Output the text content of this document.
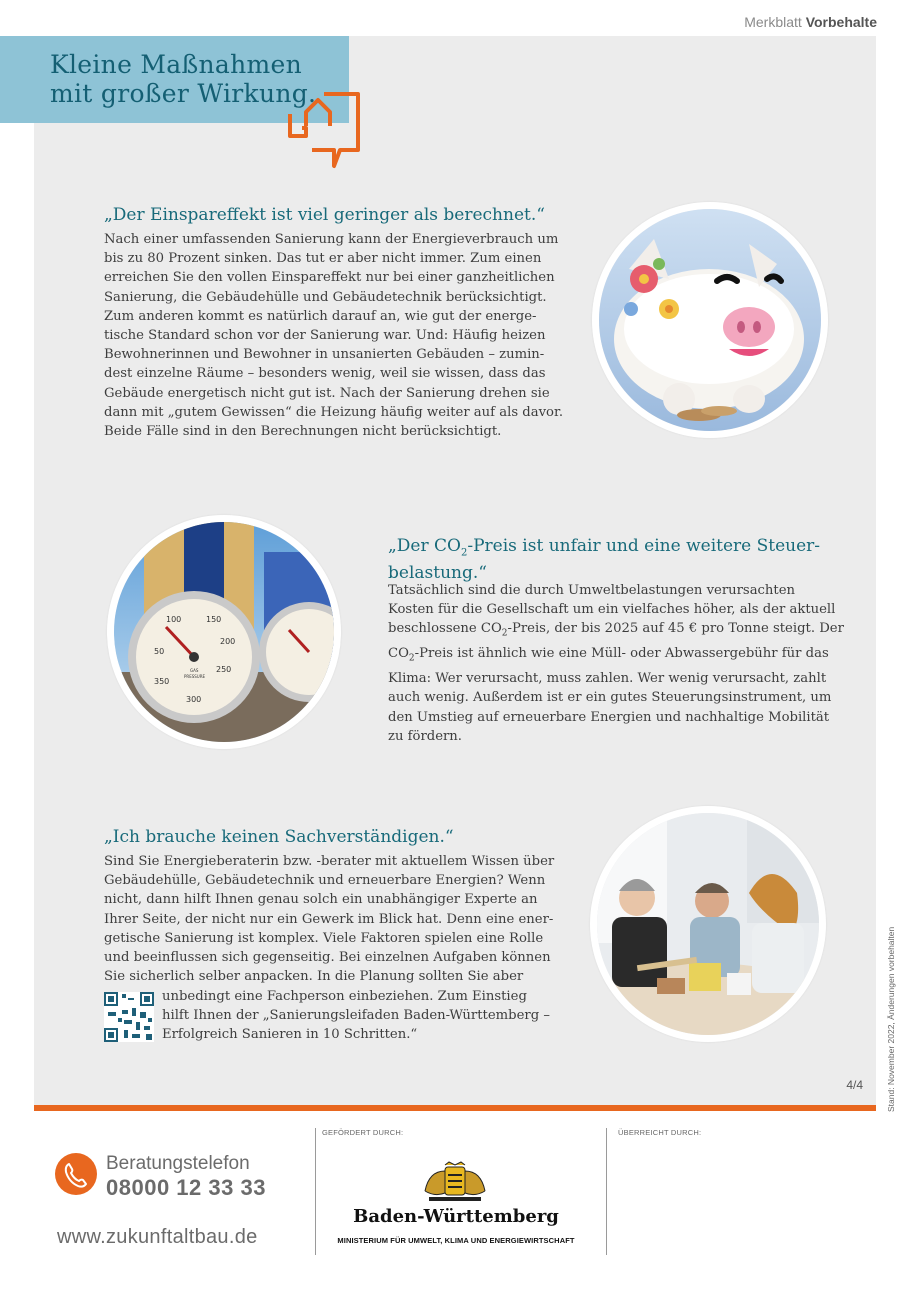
Merkblatt Vorbehalte
Kleine Maßnahmen
mit großer Wirkung.
„Der Einspareffekt ist viel geringer als berechnet.“
Nach einer umfassenden Sanierung kann der Energieverbrauch um
bis zu 80 Prozent sinken. Das tut er aber nicht immer. Zum einen
erreichen Sie den vollen Einspareffekt nur bei einer ganzheitlichen
Sanierung, die Gebäudehülle und Gebäudetechnik berücksichtigt.
Zum anderen kommt es natürlich darauf an, wie gut der energe-
tische Standard schon vor der Sanierung war. Und: Häufig heizen
Bewohnerinnen und Bewohner in unsanierten Gebäuden – zumin-
dest einzelne Räume – besonders wenig, weil sie wissen, dass das
Gebäude energetisch nicht gut ist. Nach der Sanierung drehen sie
dann mit „gutem Gewissen“ die Heizung häufig weiter auf als davor.
Beide Fälle sind in den Berechnungen nicht berücksichtigt.
50
100	150
200
250
300
350
GAS
PRESSURE
„Der $CO_2$-Preis ist unfair und eine weitere Steuer-
belastung.“
Tatsächlich sind die durch Umweltbelastungen verursachten
Kosten für die Gesellschaft um ein vielfaches höher, als der aktuell
beschlossene $CO_2$-Preis, der bis 2025 auf 45 € pro Tonne steigt. Der
$CO_2$-Preis ist ähnlich wie eine Müll- oder Abwassergebühr für das
Klima: Wer verursacht, muss zahlen. Wer wenig verursacht, zahlt
auch wenig. Außerdem ist er ein gutes Steuerungsinstrument, um
den Umstieg auf erneuerbare Energien und nachhaltige Mobilität
zu fördern.
„Ich brauche keinen Sachverständigen.“
Sind Sie Energieberaterin bzw. -berater mit aktuellem Wissen über
Gebäudehülle, Gebäudetechnik und erneuerbare Energien? Wenn
nicht, dann hilft Ihnen genau solch ein unabhängiger Experte an
Ihrer Seite, der nicht nur ein Gewerk im Blick hat. Denn eine ener-
getische Sanierung ist komplex. Viele Faktoren spielen eine Rolle
und beeinflussen sich gegenseitig. Bei einzelnen Aufgaben können
Sie sicherlich selber anpacken. In die Planung sollten Sie aber
unbedingt eine Fachperson einbeziehen. Zum Einstieg
hilft Ihnen der „Sanierungsleifaden Baden-Württemberg –
Erfolgreich Sanieren in 10 Schritten.“
4/4	Stand: November 2022, Änderungen vorbehalten
Beratungstelefon
08000 12 33 33
www.zukunftaltbau.de
GEFÖRDERT DURCH:	ÜBERREICHT DURCH:
Baden-Württemberg
MINISTERIUM FÜR UMWELT, KLIMA UND ENERGIEWIRTSCHAFT
